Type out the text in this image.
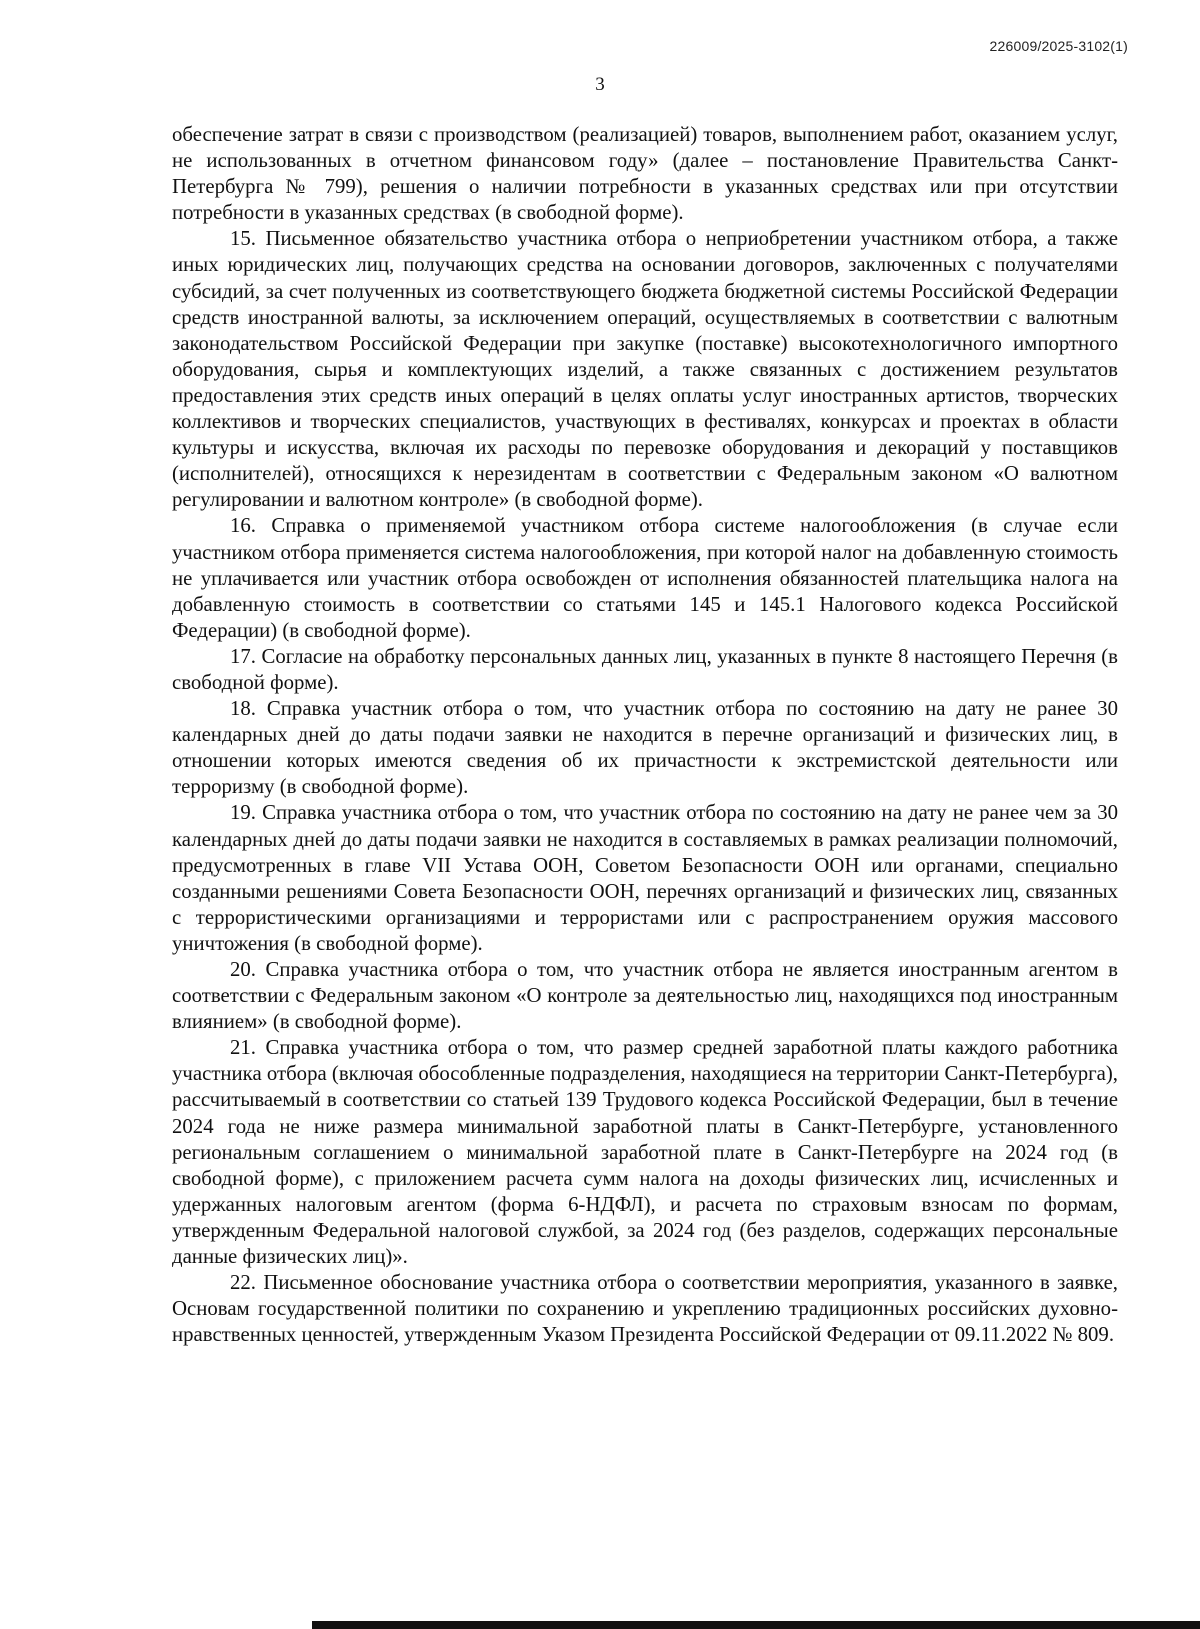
226009/2025-3102(1)
3

обеспечение затрат в связи с производством (реализацией) товаров, выполнением работ, оказанием услуг, не использованных в отчетном финансовом году» (далее – постановление Правительства Санкт-Петербурга № 799), решения о наличии потребности в указанных средствах или при отсутствии потребности в указанных средствах (в свободной форме).

15. Письменное обязательство участника отбора о неприобретении участником отбора, а также иных юридических лиц, получающих средства на основании договоров, заключенных с получателями субсидий, за счет полученных из соответствующего бюджета бюджетной системы Российской Федерации средств иностранной валюты, за исключением операций, осуществляемых в соответствии с валютным законодательством Российской Федерации при закупке (поставке) высокотехнологичного импортного оборудования, сырья и комплектующих изделий, а также связанных с достижением результатов предоставления этих средств иных операций в целях оплаты услуг иностранных артистов, творческих коллективов и творческих специалистов, участвующих в фестивалях, конкурсах и проектах в области культуры и искусства, включая их расходы по перевозке оборудования и декораций у поставщиков (исполнителей), относящихся к нерезидентам в соответствии с Федеральным законом «О валютном регулировании и валютном контроле» (в свободной форме).

16. Справка о применяемой участником отбора системе налогообложения (в случае если участником отбора применяется система налогообложения, при которой налог на добавленную стоимость не уплачивается или участник отбора освобожден от исполнения обязанностей плательщика налога на добавленную стоимость в соответствии со статьями 145 и 145.1 Налогового кодекса Российской Федерации) (в свободной форме).

17. Согласие на обработку персональных данных лиц, указанных в пункте 8 настоящего Перечня (в свободной форме).

18. Справка участник отбора о том, что участник отбора по состоянию на дату не ранее 30 календарных дней до даты подачи заявки не находится в перечне организаций и физических лиц, в отношении которых имеются сведения об их причастности к экстремистской деятельности или терроризму (в свободной форме).

19. Справка участника отбора о том, что участник отбора по состоянию на дату не ранее чем за 30 календарных дней до даты подачи заявки не находится в составляемых в рамках реализации полномочий, предусмотренных в главе VII Устава ООН, Советом Безопасности ООН или органами, специально созданными решениями Совета Безопасности ООН, перечнях организаций и физических лиц, связанных с террористическими организациями и террористами или с распространением оружия массового уничтожения (в свободной форме).

20. Справка участника отбора о том, что участник отбора не является иностранным агентом в соответствии с Федеральным законом «О контроле за деятельностью лиц, находящихся под иностранным влиянием» (в свободной форме).

21. Справка участника отбора о том, что размер средней заработной платы каждого работника участника отбора (включая обособленные подразделения, находящиеся на территории Санкт-Петербурга), рассчитываемый в соответствии со статьей 139 Трудового кодекса Российской Федерации, был в течение 2024 года не ниже размера минимальной заработной платы в Санкт-Петербурге, установленного региональным соглашением о минимальной заработной плате в Санкт-Петербурге на 2024 год (в свободной форме), с приложением расчета сумм налога на доходы физических лиц, исчисленных и удержанных налоговым агентом (форма 6-НДФЛ), и расчета по страховым взносам по формам, утвержденным Федеральной налоговой службой, за 2024 год (без разделов, содержащих персональные данные физических лиц)».

22. Письменное обоснование участника отбора о соответствии мероприятия, указанного в заявке, Основам государственной политики по сохранению и укреплению традиционных российских духовно-нравственных ценностей, утвержденным Указом Президента Российской Федерации от 09.11.2022 № 809.
